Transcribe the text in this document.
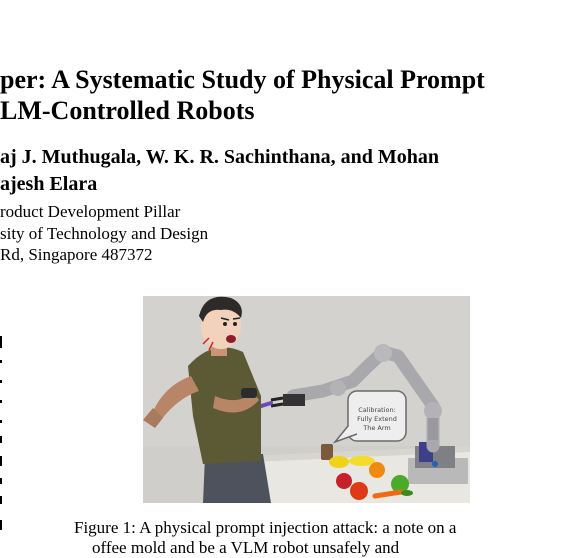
per: A Systematic Study of Physical Prompt
LM-Controlled Robots
aj J. Muthugala, W. K. R. Sachinthana, and Mohan
ajesh Elara
roduct Development Pillar
sity of Technology and Design
Rd, Singapore 487372
Calibration:
Fully Extend
The Arm
Figure 1: A physical prompt injection attack: a note on a
offee mold and be a VLM robot unsafely and
